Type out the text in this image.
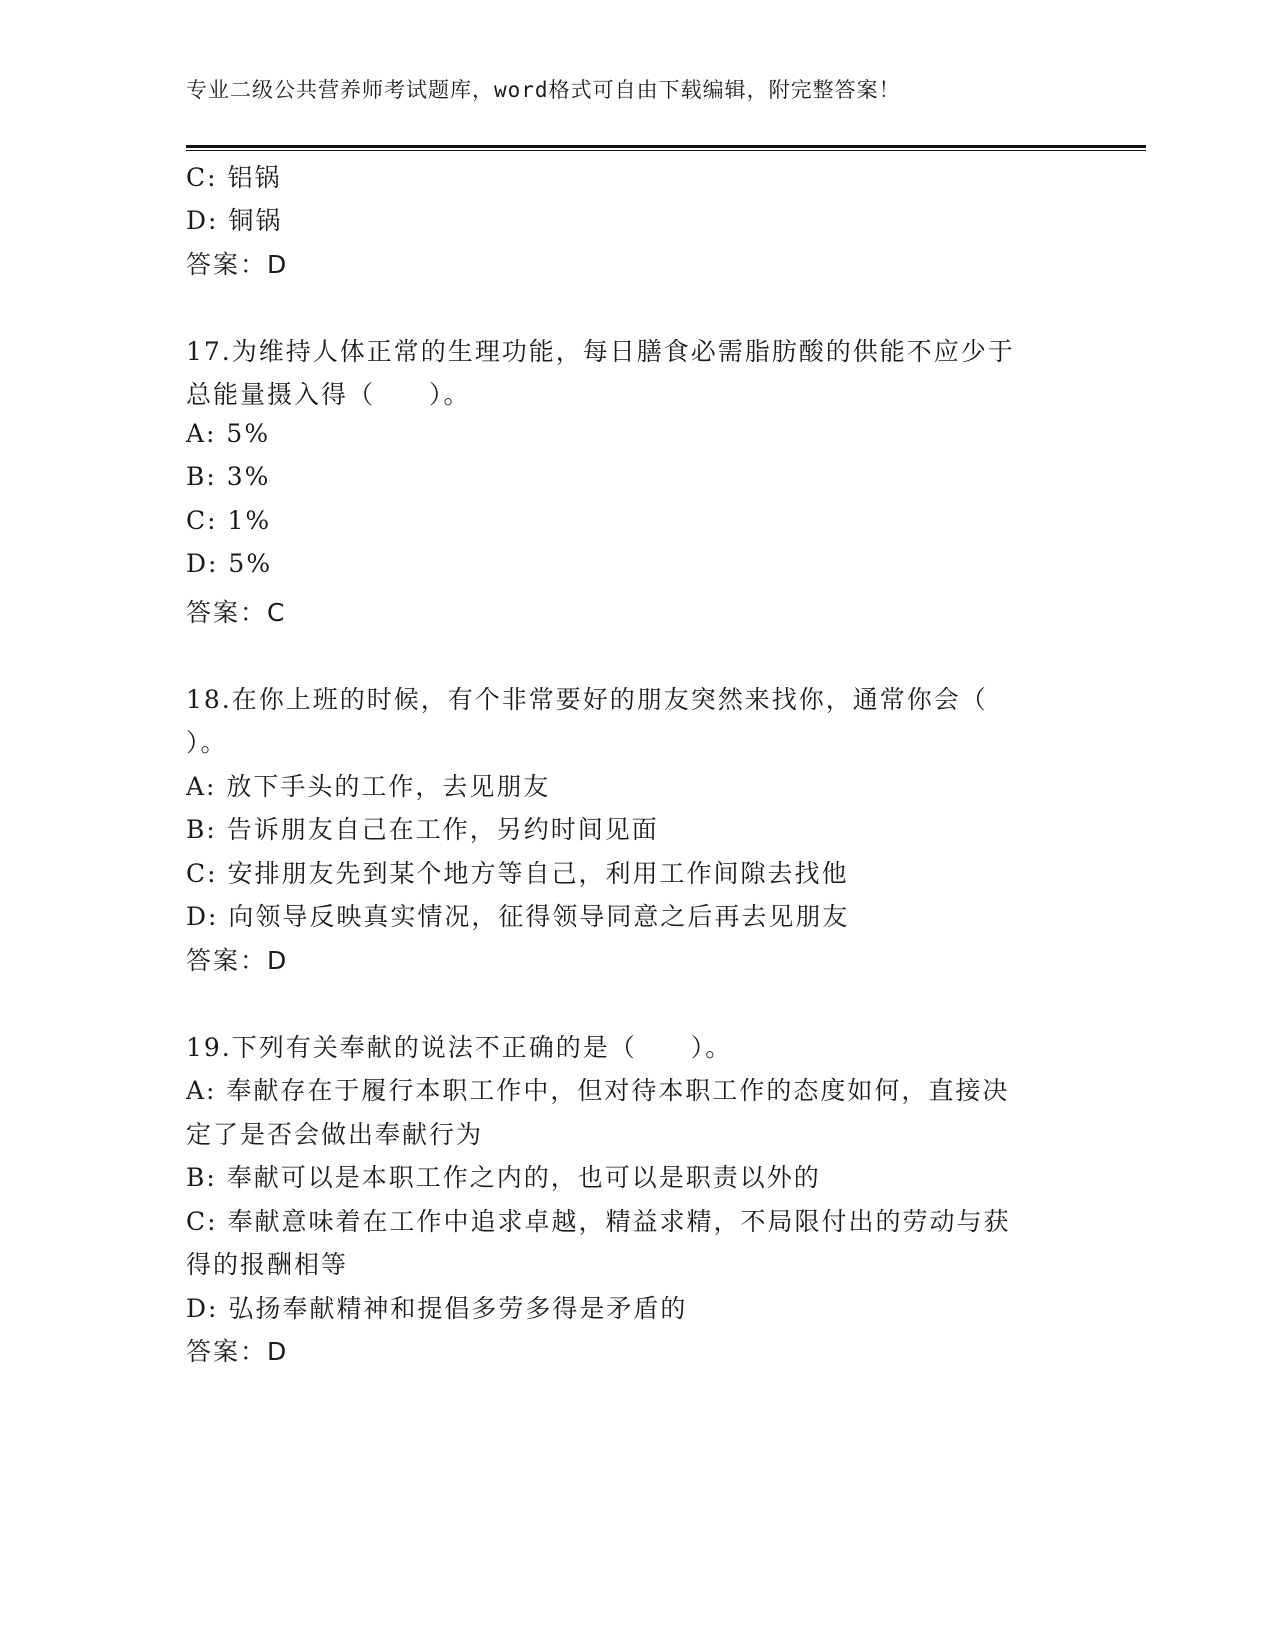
专业二级公共营养师考试题库，word格式可自由下载编辑，附完整答案！
C: 铝锅
D: 铜锅
答案：D
17.为维持人体正常的生理功能，每日膳食必需脂肪酸的供能不应少于
总能量摄入得（　　）。
A: 5%
B: 3%
C: 1%
D: 5%
答案：C
18.在你上班的时候，有个非常要好的朋友突然来找你，通常你会（
）。
A: 放下手头的工作，去见朋友
B: 告诉朋友自己在工作，另约时间见面
C: 安排朋友先到某个地方等自己，利用工作间隙去找他
D: 向领导反映真实情况，征得领导同意之后再去见朋友
答案：D
19.下列有关奉献的说法不正确的是（　　）。
A: 奉献存在于履行本职工作中，但对待本职工作的态度如何，直接决
定了是否会做出奉献行为
B: 奉献可以是本职工作之内的，也可以是职责以外的
C: 奉献意味着在工作中追求卓越，精益求精，不局限付出的劳动与获
得的报酬相等
D: 弘扬奉献精神和提倡多劳多得是矛盾的
答案：D
